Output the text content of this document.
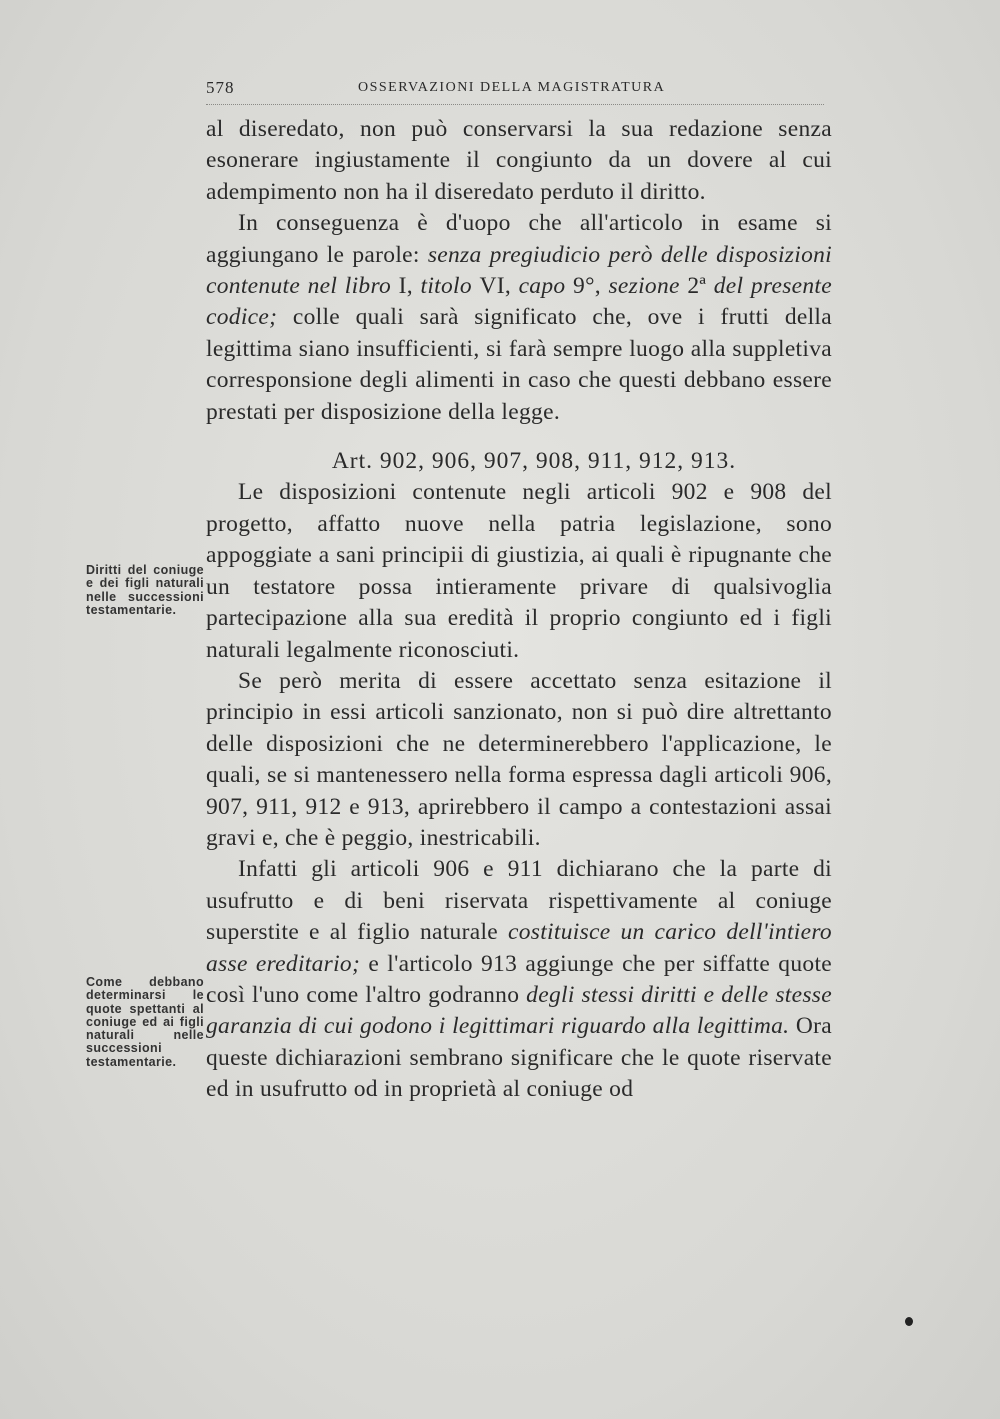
578	OSSERVAZIONI DELLA MAGISTRATURA
Diritti del coniuge e dei figli naturali nelle successioni testamentarie.
Come debbano determinarsi le quote spettanti al coniuge ed ai figli naturali nelle successioni testamentarie.

al diseredato, non può conservarsi la sua redazione senza esonerare ingiustamente il congiunto da un dovere al cui adempimento non ha il diseredato perduto il diritto.

In conseguenza è d'uopo che all'articolo in esame si aggiungano le parole: senza pregiudicio però delle disposizioni contenute nel libro I, titolo VI, capo 9°, sezione 2ª del presente codice; colle quali sarà significato che, ove i frutti della legittima siano insufficienti, si farà sempre luogo alla suppletiva corresponsione degli alimenti in caso che questi debbano essere prestati per disposizione della legge.

Art. 902, 906, 907, 908, 911, 912, 913.

Le disposizioni contenute negli articoli 902 e 908 del progetto, affatto nuove nella patria legislazione, sono appoggiate a sani principii di giustizia, ai quali è ripugnante che un testatore possa intieramente privare di qualsivoglia partecipazione alla sua eredità il proprio congiunto ed i figli naturali legalmente riconosciuti.

Se però merita di essere accettato senza esitazione il principio in essi articoli sanzionato, non si può dire altrettanto delle disposizioni che ne determinerebbero l'applicazione, le quali, se si mantenessero nella forma espressa dagli articoli 906, 907, 911, 912 e 913, aprirebbero il campo a contestazioni assai gravi e, che è peggio, inestricabili.

Infatti gli articoli 906 e 911 dichiarano che la parte di usufrutto e di beni riservata rispettivamente al coniuge superstite e al figlio naturale costituisce un carico dell'intiero asse ereditario; e l'articolo 913 aggiunge che per siffatte quote così l'uno come l'altro godranno degli stessi diritti e delle stesse garanzia di cui godono i legittimari riguardo alla legittima. Ora queste dichiarazioni sembrano significare che le quote riservate ed in usufrutto od in proprietà al coniuge od
